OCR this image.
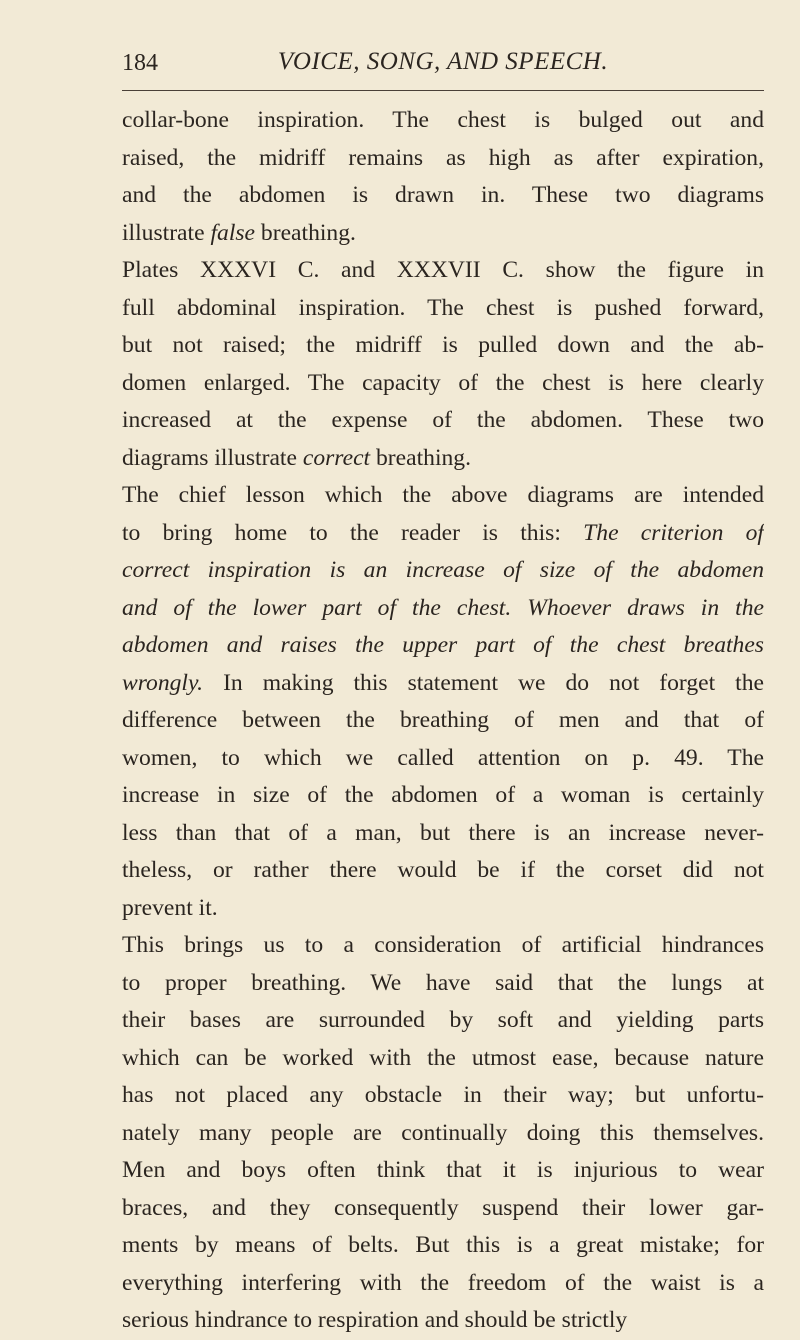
184	VOICE, SONG, AND SPEECH.
collar-bone inspiration. The chest is bulged out and
raised, the midriff remains as high as after expiration,
and the abdomen is drawn in. These two diagrams
illustrate false breathing.
Plates XXXVI C. and XXXVII C. show the figure in
full abdominal inspiration. The chest is pushed forward,
but not raised; the midriff is pulled down and the ab-
domen enlarged. The capacity of the chest is here clearly
increased at the expense of the abdomen. These two
diagrams illustrate correct breathing.
The chief lesson which the above diagrams are intended
to bring home to the reader is this: The criterion of
correct inspiration is an increase of size of the abdomen
and of the lower part of the chest. Whoever draws in the
abdomen and raises the upper part of the chest breathes
wrongly. In making this statement we do not forget the
difference between the breathing of men and that of
women, to which we called attention on p. 49. The
increase in size of the abdomen of a woman is certainly
less than that of a man, but there is an increase never-
theless, or rather there would be if the corset did not
prevent it.
This brings us to a consideration of artificial hindrances
to proper breathing. We have said that the lungs at
their bases are surrounded by soft and yielding parts
which can be worked with the utmost ease, because nature
has not placed any obstacle in their way; but unfortu-
nately many people are continually doing this themselves.
Men and boys often think that it is injurious to wear
braces, and they consequently suspend their lower gar-
ments by means of belts. But this is a great mistake; for
everything interfering with the freedom of the waist is a
serious hindrance to respiration and should be strictly
